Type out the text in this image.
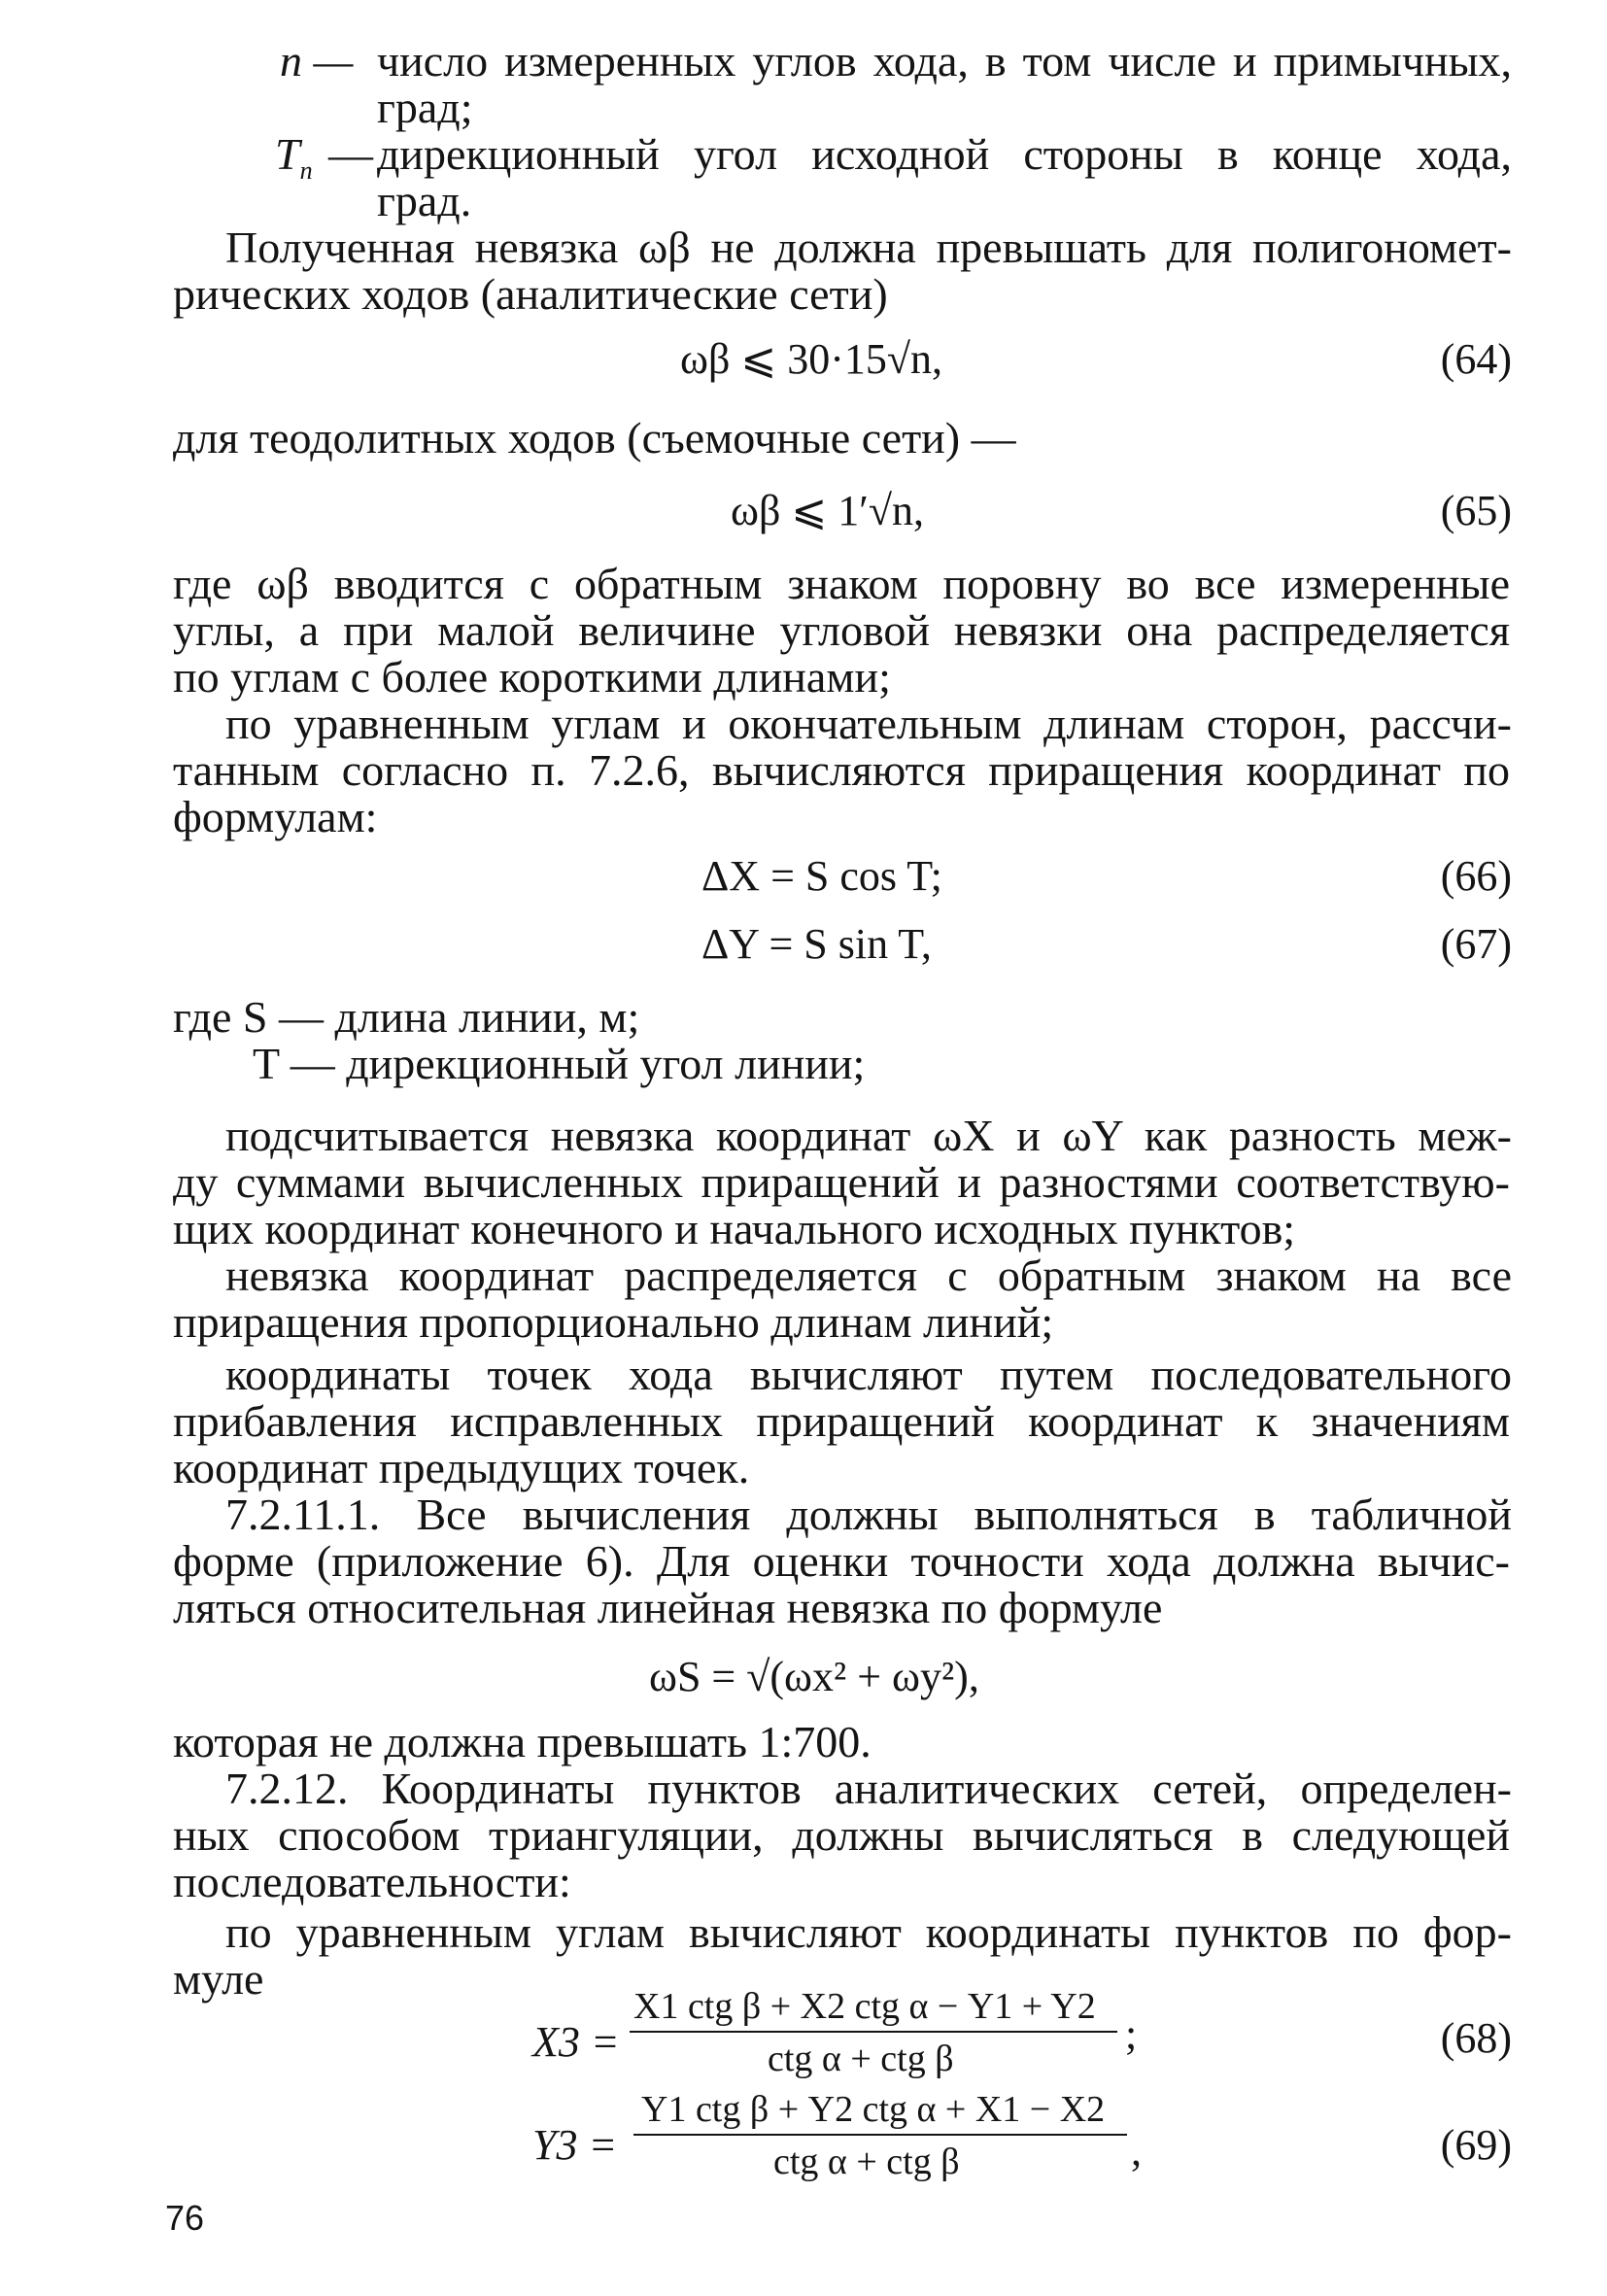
n — число измеренных углов хода, в том числе и примычных,
град;
$T_n$ — дирекционный угол исходной стороны в конце хода,
град.
Полученная невязка ωβ не должна превышать для полигономет-
рических ходов (аналитические сети)
ωβ ⩽ 30·15√n,	(64)
для теодолитных ходов (съемочные сети) —
ωβ ⩽ 1′√n,	(65)
где ωβ вводится с обратным знаком поровну во все измеренные
углы, а при малой величине угловой невязки она распределяется
по углам с более короткими длинами;
по уравненным углам и окончательным длинам сторон, рассчи-
танным согласно п. 7.2.6, вычисляются приращения координат по
формулам:
ΔX = S cos T;	(66)
ΔY = S sin T,	(67)
где S — длина линии, м;
T — дирекционный угол линии;
подсчитывается невязка координат ωX и ωY как разность меж-
ду суммами вычисленных приращений и разностями соответствую-
щих координат конечного и начального исходных пунктов;
невязка координат распределяется с обратным знаком на все
приращения пропорционально длинам линий;
координаты точек хода вычисляют путем последовательного
прибавления исправленных приращений координат к значениям
координат предыдущих точек.
7.2.11.1. Все вычисления должны выполняться в табличной
форме (приложение 6). Для оценки точности хода должна вычис-
ляться относительная линейная невязка по формуле
ωS = √(ωx² + ωy²),
которая не должна превышать 1:700.
7.2.12. Координаты пунктов аналитических сетей, определен-
ных способом триангуляции, должны вычисляться в следующей
последовательности:
по уравненным углам вычисляют координаты пунктов по фор-
муле
X3 =
X1 ctg β + X2 ctg α − Y1 + Y2
ctg α + ctg β
;	(68)
Y3 =
Y1 ctg β + Y2 ctg α + X1 − X2
ctg α + ctg β	,	(69)
76
